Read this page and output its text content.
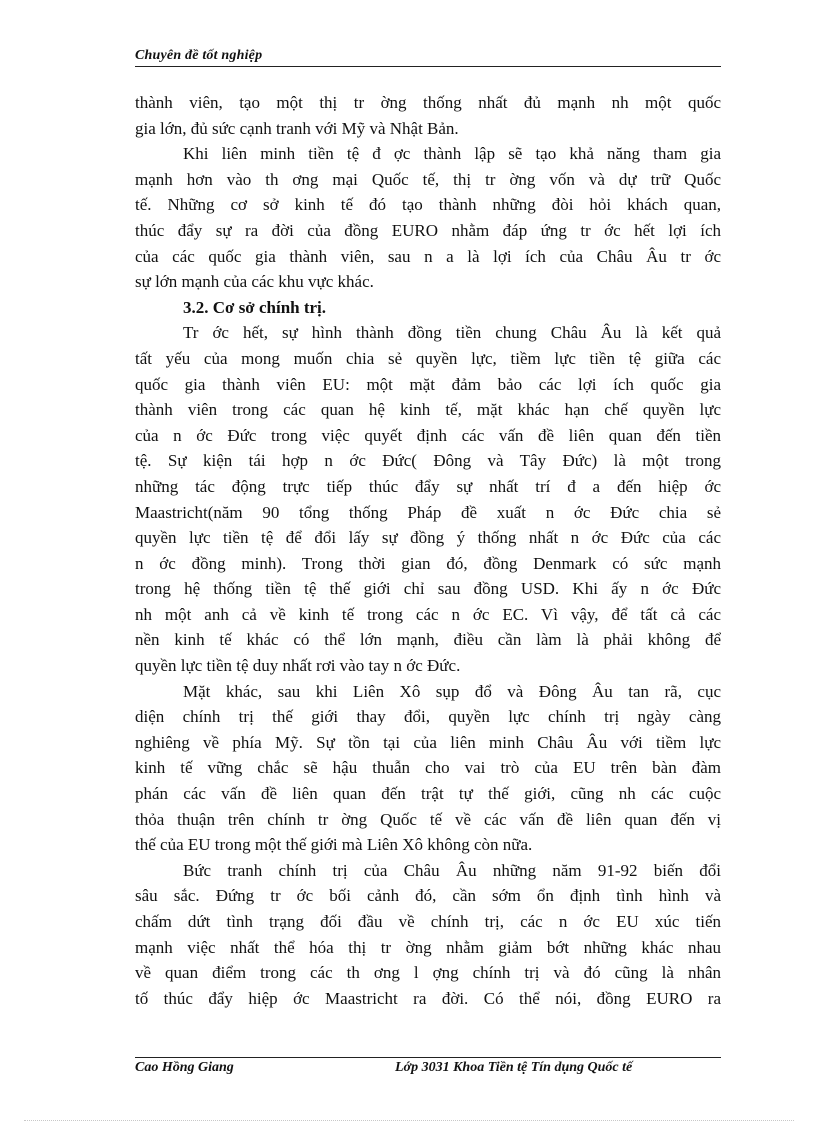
Chuyên đề tốt nghiệp
thành viên, tạo một thị tr ờng thống nhất đủ mạnh nh một quốc
gia lớn, đủ sức cạnh tranh với Mỹ và Nhật Bản.
Khi liên minh tiền tệ đ ợc thành lập sẽ tạo khả năng tham gia
mạnh hơn vào th ơng mại Quốc tế, thị tr ờng vốn và dự trữ Quốc
tế. Những cơ sở kinh tế đó tạo thành những đòi hỏi khách quan,
thúc đẩy sự ra đời của đồng EURO nhằm đáp ứng tr ớc hết lợi ích
của các quốc gia thành viên, sau n a là lợi ích của Châu Âu tr ớc
sự lớn mạnh của các khu vực khác.
3.2. Cơ sở chính trị.
Tr ớc hết, sự hình thành đồng tiền chung Châu Âu là kết quả
tất yếu của mong muốn chia sẻ quyền lực, tiềm lực tiền tệ giữa các
quốc gia thành viên EU: một mặt đảm bảo các lợi ích quốc gia
thành viên trong các quan hệ kinh tế, mặt khác hạn chế quyền lực
của n ớc Đức trong việc quyết định các vấn đề liên quan đến tiền
tệ. Sự kiện tái hợp n ớc Đức( Đông và Tây Đức) là một trong
những tác động trực tiếp thúc đẩy sự nhất trí đ a đến hiệp ớc
Maastricht(năm 90 tổng thống Pháp đề xuất n ớc Đức chia sẻ
quyền lực tiền tệ để đổi lấy sự đồng ý thống nhất n ớc Đức của các
n ớc đồng minh). Trong thời gian đó, đồng Denmark có sức mạnh
trong hệ thống tiền tệ thế giới chỉ sau đồng USD. Khi ấy n ớc Đức
nh một anh cả về kinh tế trong các n ớc EC. Vì vậy, để tất cả các
nền kinh tế khác có thể lớn mạnh, điều cần làm là phải không để
quyền lực tiền tệ duy nhất rơi vào tay n ớc Đức.
Mặt khác, sau khi Liên Xô sụp đổ và Đông Âu tan rã, cục
diện chính trị thế giới thay đổi, quyền lực chính trị ngày càng
nghiêng về phía Mỹ. Sự tồn tại của liên minh Châu Âu với tiềm lực
kinh tế vững chắc sẽ hậu thuẫn cho vai trò của EU trên bàn đàm
phán các vấn đề liên quan đến trật tự thế giới, cũng nh các cuộc
thỏa thuận trên chính tr ờng Quốc tế về các vấn đề liên quan đến vị
thế của EU trong một thế giới mà Liên Xô không còn nữa.
Bức tranh chính trị của Châu Âu những năm 91-92 biến đổi
sâu sắc. Đứng tr ớc bối cảnh đó, cần sớm ổn định tình hình và
chấm dứt tình trạng đối đầu về chính trị, các n ớc EU xúc tiến
mạnh việc nhất thể hóa thị tr ờng nhằm giảm bớt những khác nhau
về quan điểm trong các th ơng l ợng chính trị và đó cũng là nhân
tố thúc đẩy hiệp ớc Maastricht ra đời. Có thể nói, đồng EURO ra
Cao Hồng Giang	Lớp 3031 Khoa Tiền tệ Tín dụng Quốc tế
